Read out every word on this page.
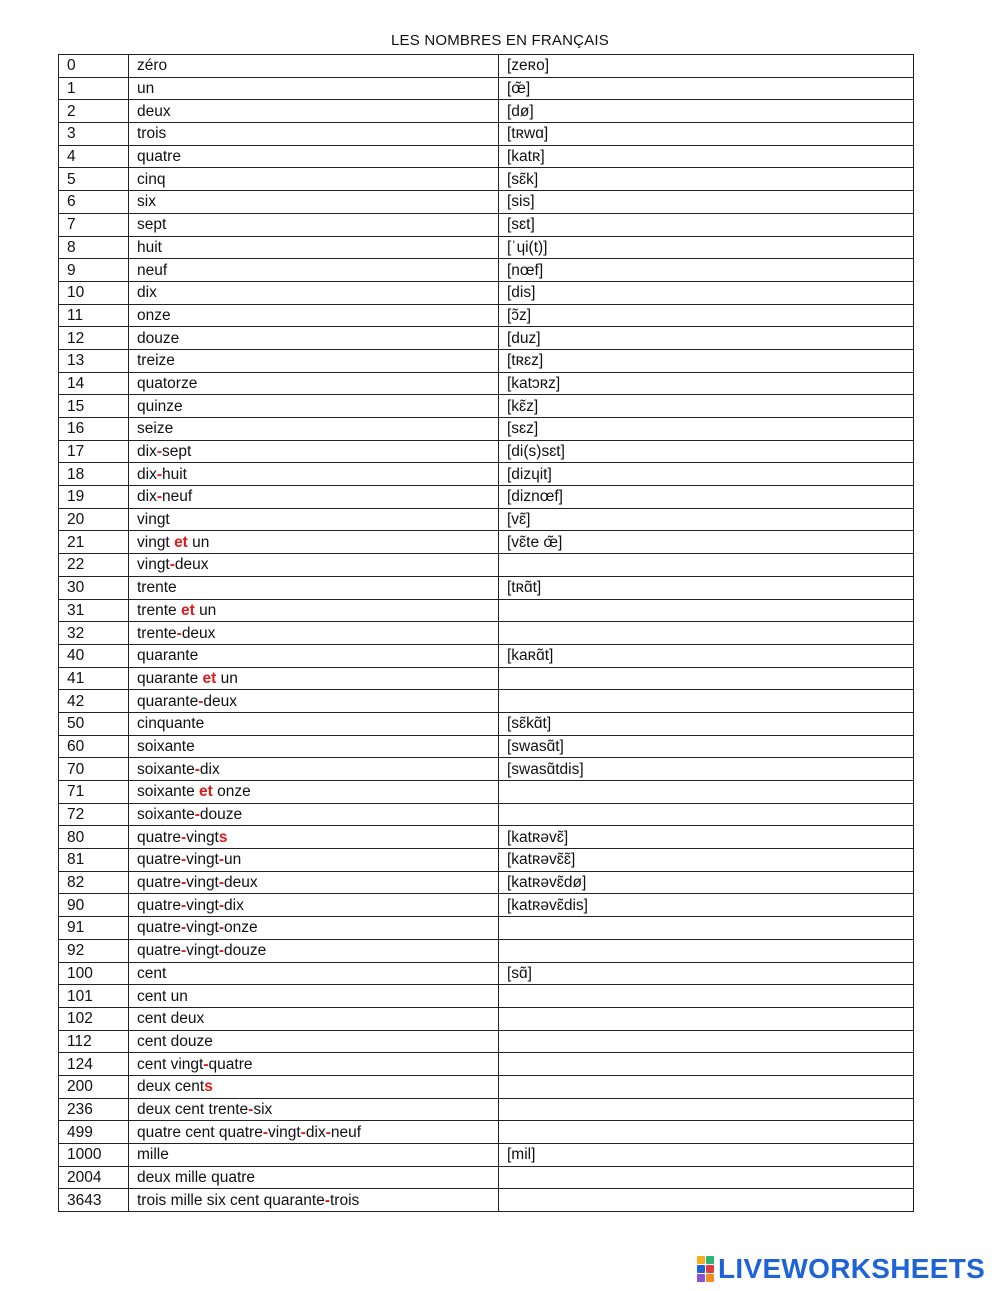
LES NOMBRES EN FRANÇAIS
0	zéro	[zeʀo]
1	un	[œ̃]
2	deux	[dø]
3	trois	[tʀwɑ]
4	quatre	[katʀ]
5	cinq	[sɛ̃k]
6	six	[sis]
7	sept	[sɛt]
8	huit	[ˈɥi(t)]
9	neuf	[nœf]
10	dix	[dis]
11	onze	[ɔ̃z]
12	douze	[duz]
13	treize	[tʀɛz]
14	quatorze	[katɔʀz]
15	quinze	[kɛ̃z]
16	seize	[sɛz]
17	dix-sept	[di(s)sɛt]
18	dix-huit	[dizɥit]
19	dix-neuf	[diznœf]
20	vingt	[vɛ̃]
21	vingt et un	[vɛ̃te œ̃]
22	vingt-deux	
30	trente	[tʀɑ̃t]
31	trente et un	
32	trente-deux	
40	quarante	[kaʀɑ̃t]
41	quarante et un	
42	quarante-deux	
50	cinquante	[sɛ̃kɑ̃t]
60	soixante	[swasɑ̃t]
70	soixante-dix	[swasɑ̃tdis]
71	soixante et onze	
72	soixante-douze	
80	quatre-vingts	[katʀəvɛ̃]
81	quatre-vingt-un	[katʀəvɛ̃ɛ̃]
82	quatre-vingt-deux	[katʀəvɛ̃dø]
90	quatre-vingt-dix	[katʀəvɛ̃dis]
91	quatre-vingt-onze	
92	quatre-vingt-douze	
100	cent	[sɑ̃]
101	cent un	
102	cent deux	
112	cent douze	
124	cent vingt-quatre	
200	deux cents	
236	deux cent trente-six	
499	quatre cent quatre-vingt-dix-neuf	
1000	mille	[mil]
2004	deux mille quatre	
3643	trois mille six cent quarante-trois	
LIVEWORKSHEETS
